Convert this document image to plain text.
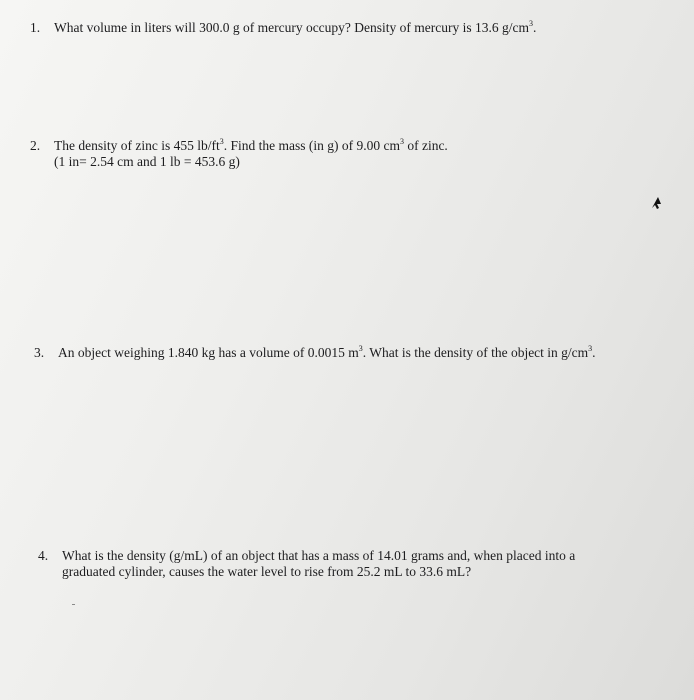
1. What volume in liters will 300.0 g of mercury occupy? Density of mercury is 13.6 $g/cm^3$.
2. The density of zinc is 455 $lb/ft^3$. Find the mass (in g) of 9.00 $cm^3$ of zinc.
(1 in= 2.54 cm and 1 lb = 453.6 g)
3. An object weighing 1.840 kg has a volume of 0.0015 $m^3$. What is the density of the object in $g/cm^3$.
4. What is the density (g/mL) of an object that has a mass of 14.01 grams and, when placed into a
graduated cylinder, causes the water level to rise from 25.2 mL to 33.6 mL?
